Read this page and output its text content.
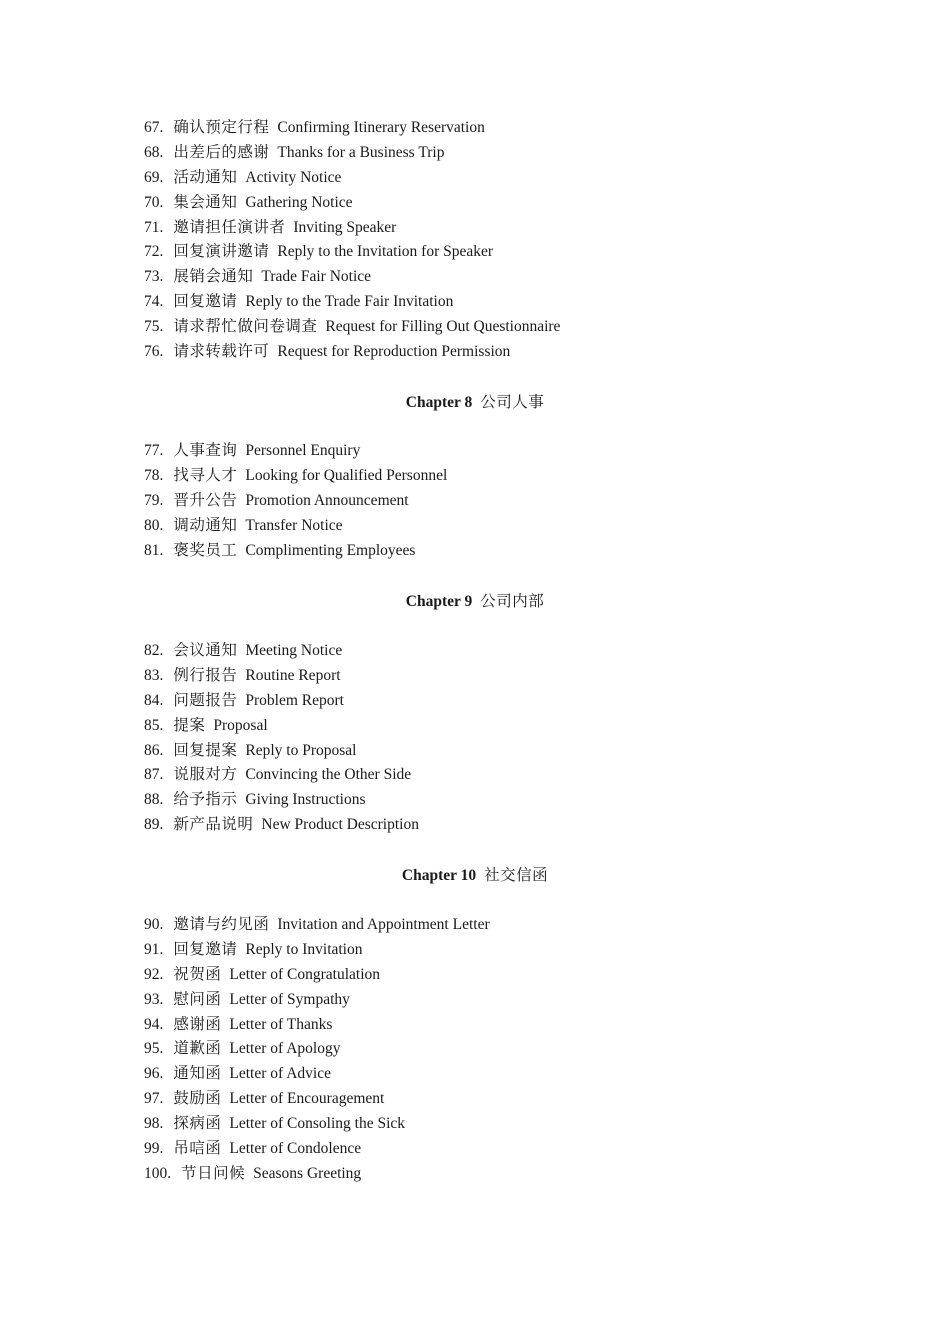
67. 确认预定行程 Confirming Itinerary Reservation
68. 出差后的感谢 Thanks for a Business Trip
69. 活动通知 Activity Notice
70. 集会通知 Gathering Notice
71. 邀请担任演讲者 Inviting Speaker
72. 回复演讲邀请 Reply to the Invitation for Speaker
73. 展销会通知 Trade Fair Notice
74. 回复邀请 Reply to the Trade Fair Invitation
75. 请求帮忙做问卷调查 Request for Filling Out Questionnaire
76. 请求转载许可 Request for Reproduction Permission
Chapter 8 公司人事
77. 人事查询 Personnel Enquiry
78. 找寻人才 Looking for Qualified Personnel
79. 晋升公告 Promotion Announcement
80. 调动通知 Transfer Notice
81. 褒奖员工 Complimenting Employees
Chapter 9 公司内部
82. 会议通知 Meeting Notice
83. 例行报告 Routine Report
84. 问题报告 Problem Report
85. 提案 Proposal
86. 回复提案 Reply to Proposal
87. 说服对方 Convincing the Other Side
88. 给予指示 Giving Instructions
89. 新产品说明 New Product Description
Chapter 10 社交信函
90. 邀请与约见函 Invitation and Appointment Letter
91. 回复邀请 Reply to Invitation
92. 祝贺函 Letter of Congratulation
93. 慰问函 Letter of Sympathy
94. 感谢函 Letter of Thanks
95. 道歉函 Letter of Apology
96. 通知函 Letter of Advice
97. 鼓励函 Letter of Encouragement
98. 探病函 Letter of Consoling the Sick
99. 吊唁函 Letter of Condolence
100. 节日问候 Seasons Greeting
